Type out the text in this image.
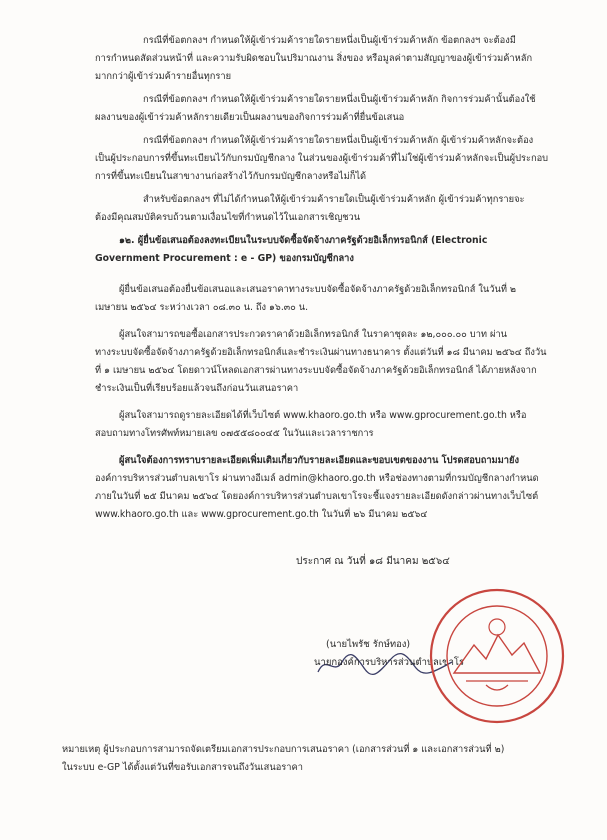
กรณีที่ข้อตกลงฯ กำหนดให้ผู้เข้าร่วมค้ารายใดรายหนึ่งเป็นผู้เข้าร่วมค้าหลัก ข้อตกลงฯ จะต้องมี
การกำหนดสัดส่วนหน้าที่ และความรับผิดชอบในปริมาณงาน สิ่งของ หรือมูลค่าตามสัญญาของผู้เข้าร่วมค้าหลัก
มากกว่าผู้เข้าร่วมค้ารายอื่นทุกราย
กรณีที่ข้อตกลงฯ กำหนดให้ผู้เข้าร่วมค้ารายใดรายหนึ่งเป็นผู้เข้าร่วมค้าหลัก กิจการร่วมค้านั้นต้องใช้
ผลงานของผู้เข้าร่วมค้าหลักรายเดียวเป็นผลงานของกิจการร่วมค้าที่ยื่นข้อเสนอ
กรณีที่ข้อตกลงฯ กำหนดให้ผู้เข้าร่วมค้ารายใดรายหนึ่งเป็นผู้เข้าร่วมค้าหลัก ผู้เข้าร่วมค้าหลักจะต้อง
เป็นผู้ประกอบการที่ขึ้นทะเบียนไว้กับกรมบัญชีกลาง ในส่วนของผู้เข้าร่วมค้าที่ไม่ใช่ผู้เข้าร่วมค้าหลักจะเป็นผู้ประกอบ
การที่ขึ้นทะเบียนในสาขางานก่อสร้างไว้กับกรมบัญชีกลางหรือไม่ก็ได้
สำหรับข้อตกลงฯ ที่ไม่ได้กำหนดให้ผู้เข้าร่วมค้ารายใดเป็นผู้เข้าร่วมค้าหลัก ผู้เข้าร่วมค้าทุกรายจะ
ต้องมีคุณสมบัติครบถ้วนตามเงื่อนไขที่กำหนดไว้ในเอกสารเชิญชวน
๑๒. ผู้ยื่นข้อเสนอต้องลงทะเบียนในระบบจัดซื้อจัดจ้างภาครัฐด้วยอิเล็กทรอนิกส์ (Electronic
Government Procurement : e - GP) ของกรมบัญชีกลาง
ผู้ยื่นข้อเสนอต้องยื่นข้อเสนอและเสนอราคาทางระบบจัดซื้อจัดจ้างภาครัฐด้วยอิเล็กทรอนิกส์ ในวันที่ ๒
เมษายน ๒๕๖๔ ระหว่างเวลา ๐๘.๓๐ น. ถึง ๑๖.๓๐ น.
ผู้สนใจสามารถขอซื้อเอกสารประกวดราคาด้วยอิเล็กทรอนิกส์ ในราคาชุดละ ๑๒,๐๐๐.๐๐ บาท ผ่าน
ทางระบบจัดซื้อจัดจ้างภาครัฐด้วยอิเล็กทรอนิกส์และชำระเงินผ่านทางธนาคาร ตั้งแต่วันที่ ๑๘ มีนาคม ๒๕๖๔ ถึงวัน
ที่ ๑ เมษายน ๒๕๖๔ โดยดาวน์โหลดเอกสารผ่านทางระบบจัดซื้อจัดจ้างภาครัฐด้วยอิเล็กทรอนิกส์ ได้ภายหลังจาก
ชำระเงินเป็นที่เรียบร้อยแล้วจนถึงก่อนวันเสนอราคา
ผู้สนใจสามารถดูรายละเอียดได้ที่เว็บไซต์ www.khaoro.go.th หรือ www.gprocurement.go.th หรือ
สอบถามทางโทรศัพท์หมายเลข ๐๗๕๕๘๐๐๔๕ ในวันและเวลาราชการ
ผู้สนใจต้องการทราบรายละเอียดเพิ่มเติมเกี่ยวกับรายละเอียดและขอบเขตของงาน โปรดสอบถามมายัง
องค์การบริหารส่วนตำบลเขาโร ผ่านทางอีเมล์ admin@khaoro.go.th หรือช่องทางตามที่กรมบัญชีกลางกำหนด
ภายในวันที่ ๒๕ มีนาคม ๒๕๖๔ โดยองค์การบริหารส่วนตำบลเขาโรจะชี้แจงรายละเอียดดังกล่าวผ่านทางเว็บไซต์
www.khaoro.go.th และ www.gprocurement.go.th ในวันที่ ๒๖ มีนาคม ๒๕๖๔
ประกาศ ณ วันที่ ๑๘ มีนาคม ๒๕๖๔
(นายไพรัช รักษ์ทอง)
นายกองค์การบริหารส่วนตำบลเขาโร
หมายเหตุ ผู้ประกอบการสามารถจัดเตรียมเอกสารประกอบการเสนอราคา (เอกสารส่วนที่ ๑ และเอกสารส่วนที่ ๒)
ในระบบ e-GP ได้ตั้งแต่วันที่ขอรับเอกสารจนถึงวันเสนอราคา
